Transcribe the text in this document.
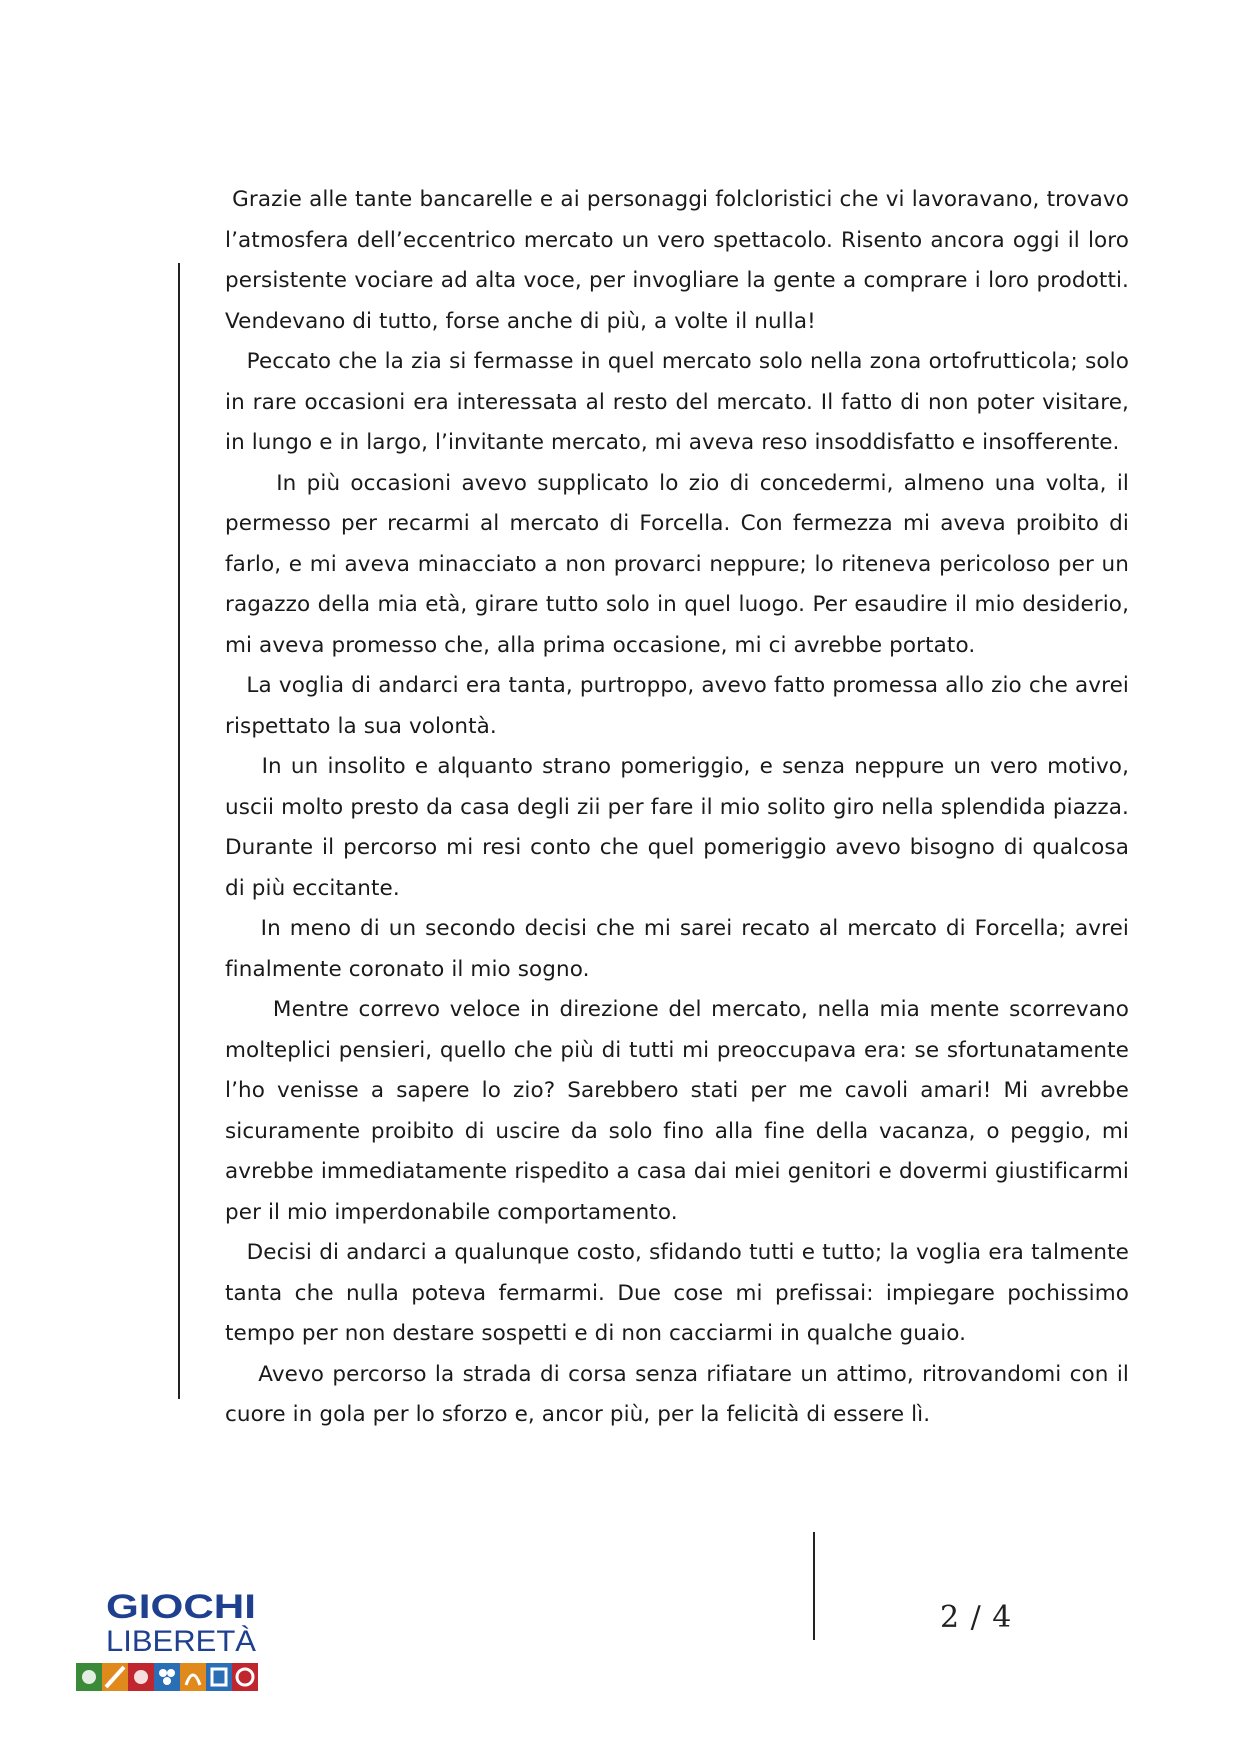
Grazie alle tante bancarelle e ai personaggi folcloristici che vi lavoravano, trovavo l’atmosfera dell’eccentrico mercato un vero spettacolo. Risento ancora oggi il loro persistente vociare ad alta voce, per invogliare la gente a comprare i loro prodotti. Vendevano di tutto, forse anche di più, a volte il nulla!

Peccato che la zia si fermasse in quel mercato solo nella zona ortofrutticola; solo in rare occasioni era interessata al resto del mercato. Il fatto di non poter visitare, in lungo e in largo, l’invitante mercato, mi aveva reso insoddisfatto e insofferente.

In più occasioni avevo supplicato lo zio di concedermi, almeno una volta, il permesso per recarmi al mercato di Forcella. Con fermezza mi aveva proibito di farlo, e mi aveva minacciato a non provarci neppure; lo riteneva pericoloso per un ragazzo della mia età, girare tutto solo in quel luogo. Per esaudire il mio desiderio, mi aveva promesso che, alla prima occasione, mi ci avrebbe portato.

La voglia di andarci era tanta, purtroppo, avevo fatto promessa allo zio che avrei rispettato la sua volontà.

In un insolito e alquanto strano pomeriggio, e senza neppure un vero motivo, uscii molto presto da casa degli zii per fare il mio solito giro nella splendida piazza. Durante il percorso mi resi conto che quel pomeriggio avevo bisogno di qualcosa di più eccitante.

In meno di un secondo decisi che mi sarei recato al mercato di Forcella; avrei finalmente coronato il mio sogno.

Mentre correvo veloce in direzione del mercato, nella mia mente scorrevano molteplici pensieri, quello che più di tutti mi preoccupava era: se sfortunatamente l’ho venisse a sapere lo zio? Sarebbero stati per me cavoli amari! Mi avrebbe sicuramente proibito di uscire da solo fino alla fine della vacanza, o peggio, mi avrebbe immediatamente rispedito a casa dai miei genitori e dovermi giustificarmi per il mio imperdonabile comportamento.

Decisi di andarci a qualunque costo, sfidando tutti e tutto; la voglia era talmente tanta che nulla poteva fermarmi. Due cose mi prefissai: impiegare pochissimo tempo per non destare sospetti e di non cacciarmi in qualche guaio.

Avevo percorso la strada di corsa senza rifiatare un attimo, ritrovandomi con il cuore in gola per lo sforzo e, ancor più, per la felicità di essere lì.

GIOCHI
LIBERETÀ
2 / 4
